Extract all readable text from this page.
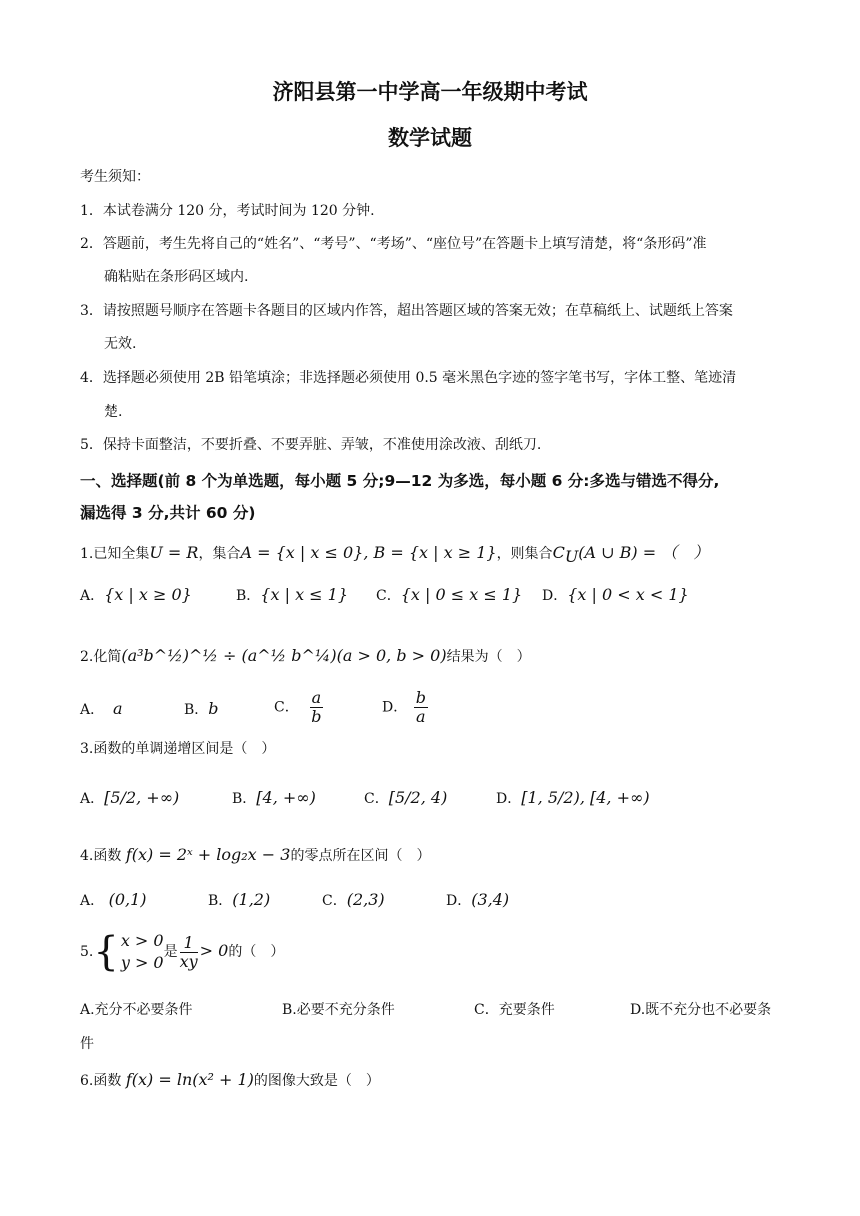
济阳县第一中学高一年级期中考试
数学试题
考生须知：
1．本试卷满分 120 分，考试时间为 120 分钟.
2．答题前，考生先将自己的“姓名”、“考号”、“考场”、“座位号”在答题卡上填写清楚，将“条形码”准
确粘贴在条形码区域内.
3．请按照题号顺序在答题卡各题目的区域内作答，超出答题区域的答案无效；在草稿纸上、试题纸上答案
无效.
4．选择题必须使用 2B 铅笔填涂；非选择题必须使用 0.5 毫米黑色字迹的签字笔书写，字体工整、笔迹清
楚.
5．保持卡面整洁，不要折叠、不要弄脏、弄皱，不准使用涂改液、刮纸刀.
一、选择题(前 8 个为单选题，每小题 5 分;9—12 为多选，每小题 6 分:多选与错选不得分,
漏选得 3 分,共计 60 分)
1.已知全集U = R，集合A = {x | x ≤ 0}, B = {x | x ≥ 1}，则集合$C_U(A$ ∪ B) = （　）
A．{x | x ≥ 0}	B．{x | x ≤ 1} C．{x | 0 ≤ x ≤ 1} D．{x | 0 < x < 1}
2.化简(a³b^½)^½ ÷ (a^½ b^¼)(a > 0, b > 0)结果为（　）
A． a	B．b	C． $\frac{a}{b}$	D． $\frac{b}{a}$
3.函数的单调递增区间是（　）
A．[5/2, +∞)	B．[4, +∞)	C．[5/2, 4)	D．[1, 5/2), [4, +∞)
4.函数 f(x) = 2ˣ + log₂x − 3的零点所在区间（　）
A． (0,1)	B．(1,2)	C．(2,3)	D．(3,4)
5. { x > 0
y > 0
是 $\frac{1}{xy} > 0$的（　）
A.充分不必要条件	B.必要不充分条件	C．充要条件	D.既不充分也不必要条
件
6.函数 f(x) = ln(x² + 1)的图像大致是（　）
